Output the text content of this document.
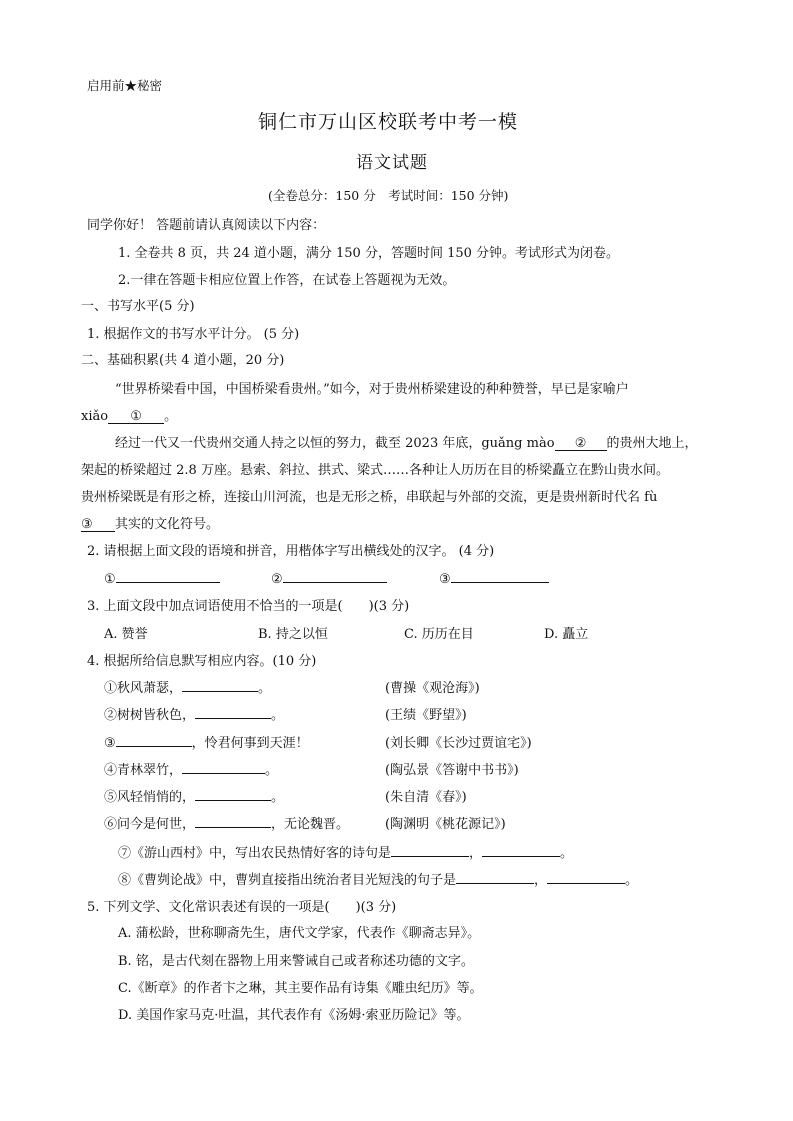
启用前★秘密
铜仁市万山区校联考中考一模
语文试题
(全卷总分：150 分　考试时间：150 分钟)
同学你好！ 答题前请认真阅读以下内容：
1. 全卷共 8 页，共 24 道小题，满分 150 分，答题时间 150 分钟。考试形式为闭卷。
2.一律在答题卡相应位置上作答，在试卷上答题视为无效。
一、书写水平(5 分)
1. 根据作文的书写水平计分。 (5 分)
二、基础积累(共 4 道小题，20 分)
“世界桥梁看中国，中国桥梁看贵州。”如今，对于贵州桥梁建设的种种赞誉，早已是家喻户
xiǎo ① 。
经过一代又一代贵州交通人持之以恒的努力，截至 2023 年底，guǎng mào ② 的贵州大地上，
架起的桥梁超过 2.8 万座。悬索、斜拉、拱式、梁式……各种让人历历在目的桥梁矗立在黔山贵水间。
贵州桥梁既是有形之桥，连接山川河流，也是无形之桥，串联起与外部的交流，更是贵州新时代名 fù
③ 其实的文化符号。
2. 请根据上面文段的语境和拼音，用楷体字写出横线处的汉字。 (4 分)
①	②	③
3. 上面文段中加点词语使用不恰当的一项是(　　)(3 分)
A. 赞誉	B. 持之以恒	C. 历历在目	D. 矗立
4. 根据所给信息默写相应内容。(10 分)
①秋风萧瑟，	。	(曹操《观沧海》)
②树树皆秋色，	。	(王绩《野望》)
③	，怜君何事到天涯！	(刘长卿《长沙过贾谊宅》)
④青林翠竹，	。	(陶弘景《答谢中书书》)
⑤风轻悄悄的，	。	(朱自清《春》)
⑥问今是何世，	，无论魏晋。	(陶渊明《桃花源记》)
⑦《游山西村》中，写出农民热情好客的诗句是	，	。
⑧《曹刿论战》中，曹刿直接指出统治者目光短浅的句子是	，	。
5. 下列文学、文化常识表述有误的一项是(　　)(3 分)
A. 蒲松龄，世称聊斋先生，唐代文学家，代表作《聊斋志异》。
B. 铭，是古代刻在器物上用来警诫自己或者称述功德的文字。
C.《断章》的作者卞之琳，其主要作品有诗集《雕虫纪历》等。
D. 美国作家马克·吐温，其代表作有《汤姆·索亚历险记》等。
